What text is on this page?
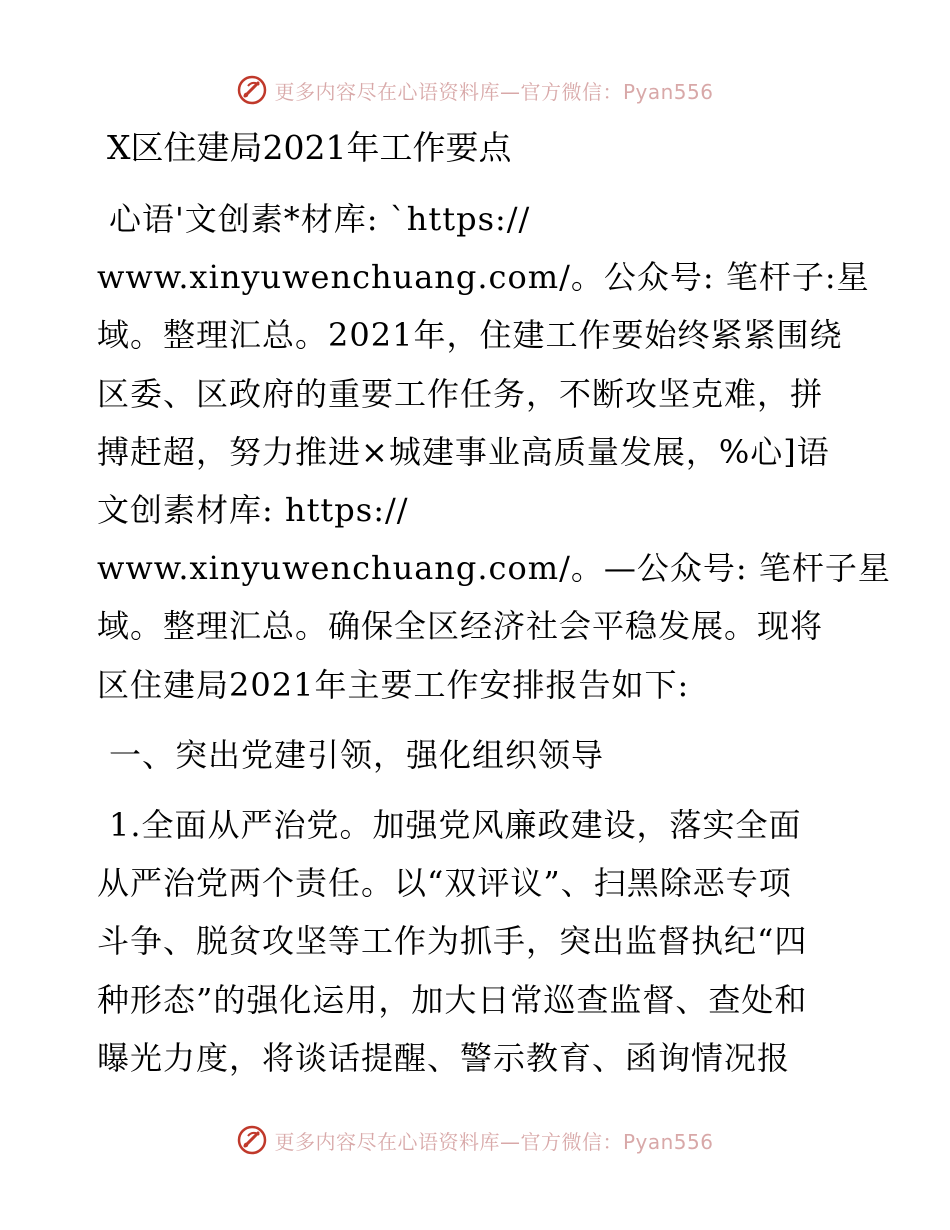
更多内容尽在心语资料库—官方微信：Pyan556
X区住建局2021年工作要点

心语'文创素*材库: `https://
www.xinyuwenchuang.com/。公众号: 笔杆子:星
域。整理汇总。2021年，住建工作要始终紧紧围绕
区委、区政府的重要工作任务，不断攻坚克难，拼
搏赶超，努力推进×城建事业高质量发展，%心]语
文创素材库: https://
www.xinyuwenchuang.com/。—公众号: 笔杆子星
域。整理汇总。确保全区经济社会平稳发展。现将
区住建局2021年主要工作安排报告如下:

一、突出党建引领，强化组织领导

1.全面从严治党。加强党风廉政建设，落实全面
从严治党两个责任。以“双评议”、扫黑除恶专项
斗争、脱贫攻坚等工作为抓手，突出监督执纪“四
种形态”的强化运用，加大日常巡查监督、查处和
曝光力度，将谈话提醒、警示教育、函询情况报

更多内容尽在心语资料库—官方微信：Pyan556
